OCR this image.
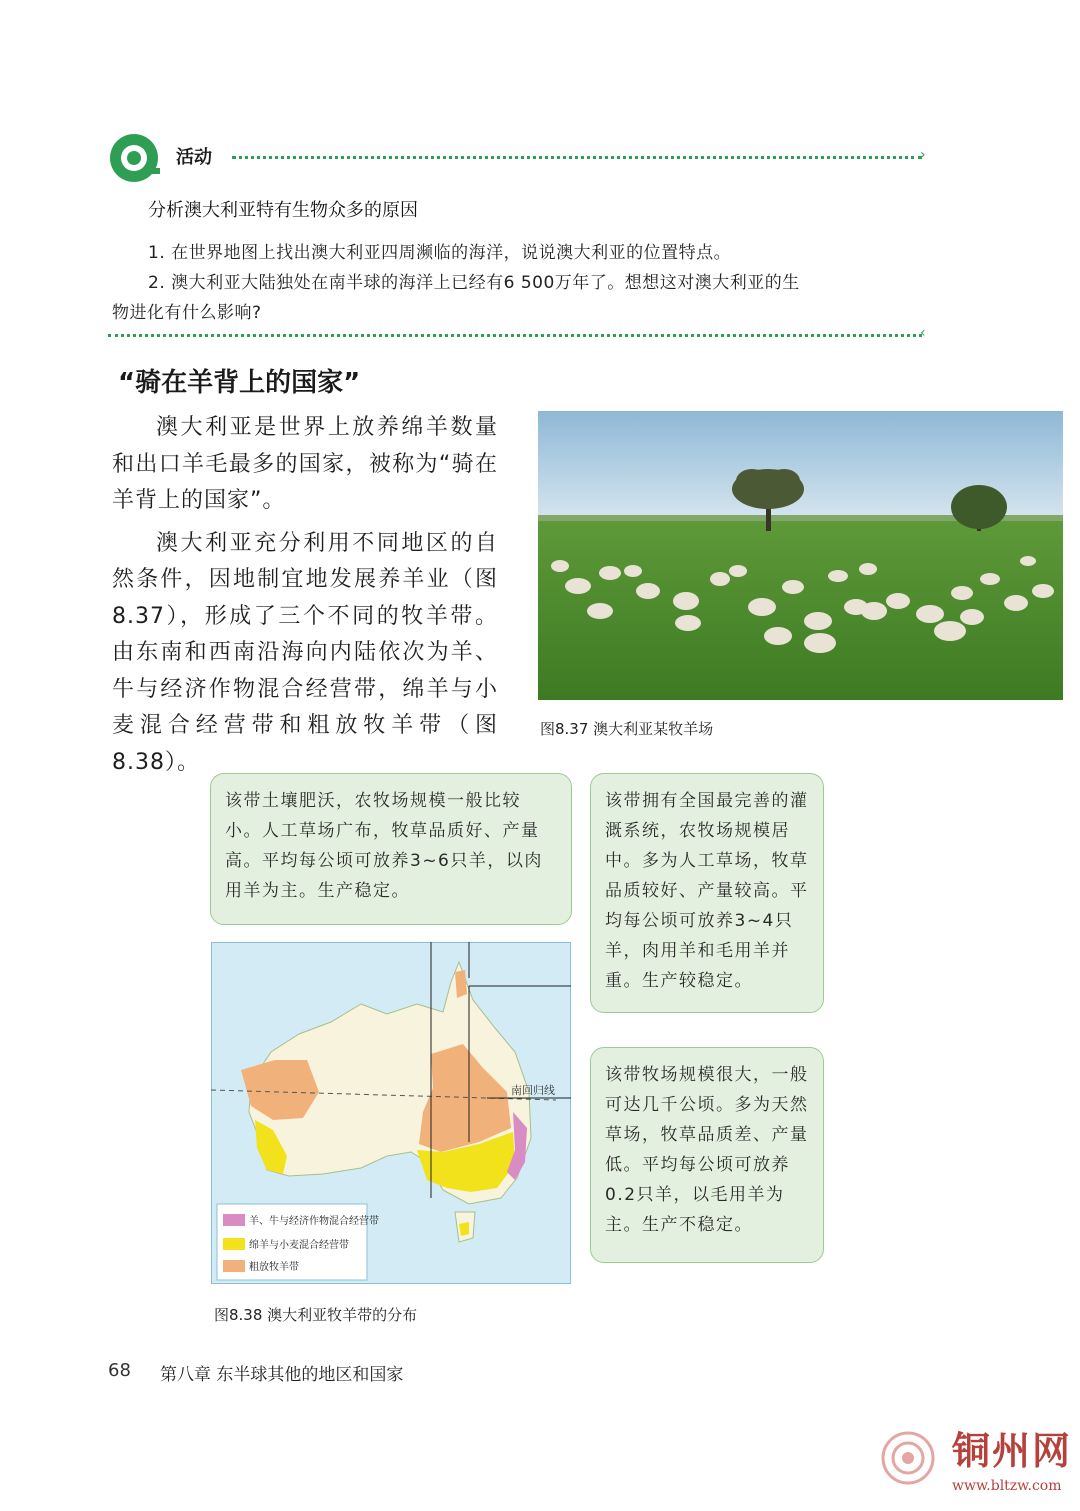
活动	›
分析澳大利亚特有生物众多的原因
1. 在世界地图上找出澳大利亚四周濒临的海洋，说说澳大利亚的位置特点。
2. 澳大利亚大陆独处在南半球的海洋上已经有6 500万年了。想想这对澳大利亚的生
物进化有什么影响?
‹
“骑在羊背上的国家”

澳大利亚是世界上放养绵羊数量和出口羊毛最多的国家，被称为“骑在羊背上的国家”。

澳大利亚充分利用不同地区的自然条件，因地制宜地发展养羊业（图8.37），形成了三个不同的牧羊带。由东南和西南沿海向内陆依次为羊、牛与经济作物混合经营带，绵羊与小麦混合经营带和粗放牧羊带（图8.38）。

图8.37 澳大利亚某牧羊场
该带土壤肥沃，农牧场规模一般比较小。人工草场广布，牧草品质好、产量高。平均每公顷可放养3~6只羊，以肉用羊为主。生产稳定。
该带拥有全国最完善的灌溉系统，农牧场规模居中。多为人工草场，牧草品质较好、产量较高。平均每公顷可放养3~4只羊，肉用羊和毛用羊并重。生产较稳定。
该带牧场规模很大，一般可达几千公顷。多为天然草场，牧草品质差、产量低。平均每公顷可放养0.2只羊，以毛用羊为主。生产不稳定。
南回归线
羊、牛与经济作物混合经营带
绵羊与小麦混合经营带
粗放牧羊带
图8.38 澳大利亚牧羊带的分布
68 第八章 东半球其他的地区和国家
铜州网
www.bltzw.com
